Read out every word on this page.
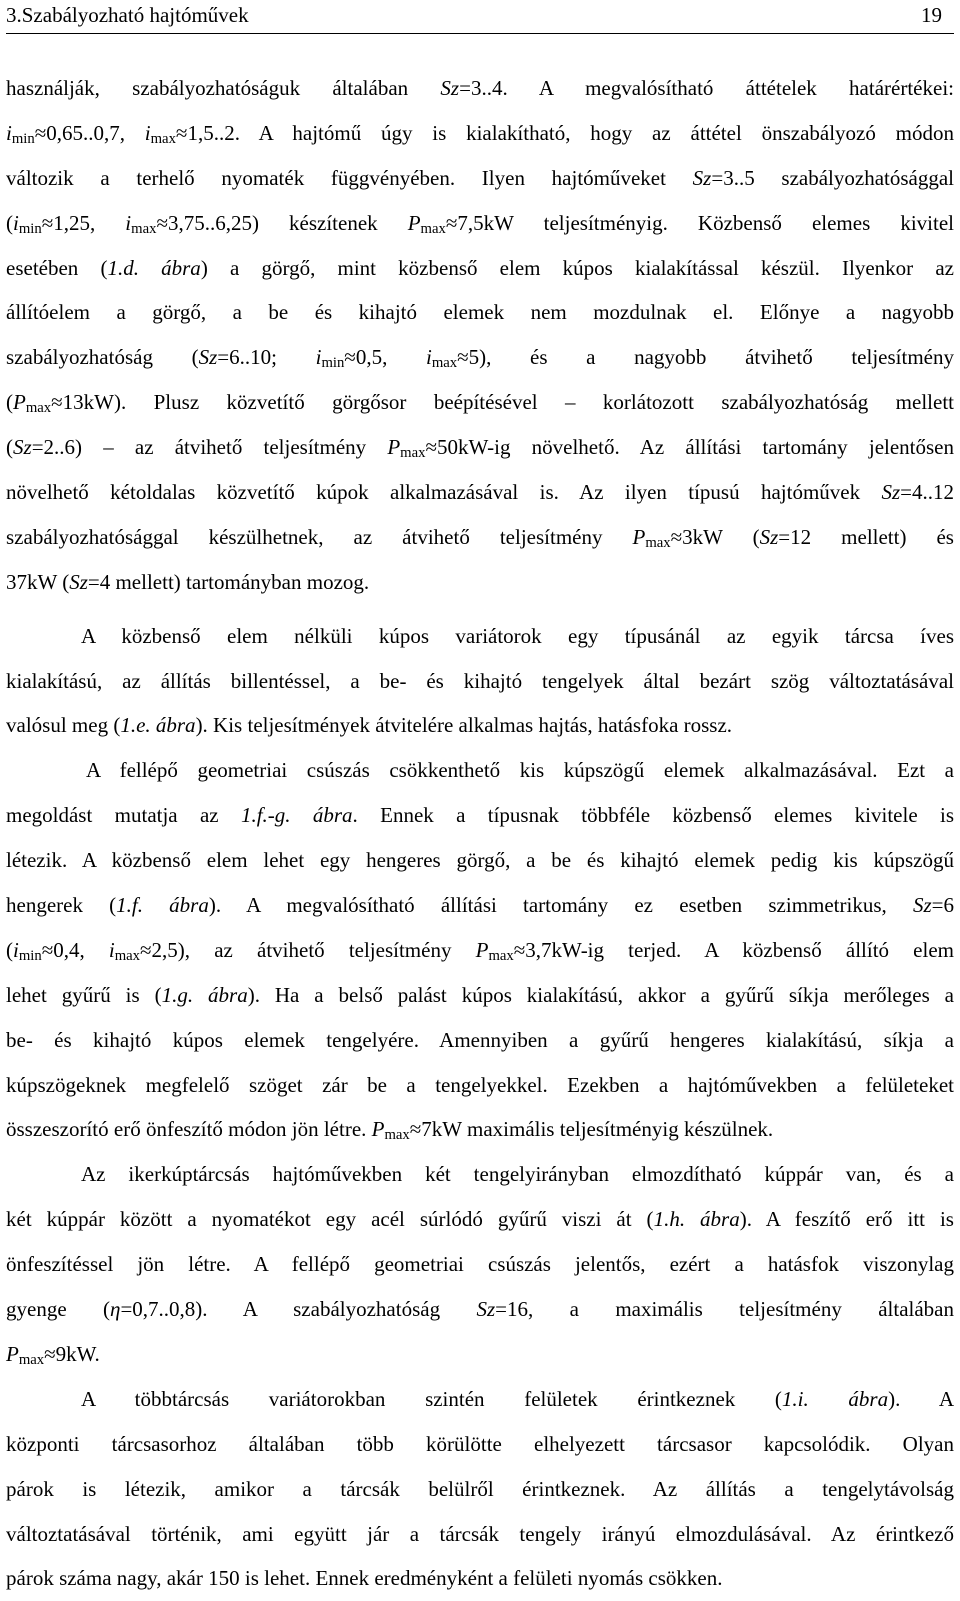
3.Szabályozható hajtóművek	19
használják, szabályozhatóságuk általában Sz=3..4. A megvalósítható áttételek határértékei:
$i_{min}\approx 0,65..0,7$, $i_{max}\approx 1,5..2$. A hajtómű úgy is kialakítható, hogy az áttétel önszabályozó módon
változik a terhelő nyomaték függvényében. Ilyen hajtóműveket Sz=3..5 szabályozhatósággal
($i_{min}\approx 1,25$, $i_{max}\approx 3,75..6,25$) készítenek $P_{max}\approx 7,5kW$ teljesítményig. Közbenső elemes kivitel
esetében (1.d. ábra) a görgő, mint közbenső elem kúpos kialakítással készül. Ilyenkor az
állítóelem a görgő, a be és kihajtó elemek nem mozdulnak el. Előnye a nagyobb
szabályozhatóság (Sz=6..10; $i_{min}\approx 0,5$, $i_{max}\approx 5$), és a nagyobb átvihető teljesítmény
$(P_{max}\approx 13kW)$. Plusz közvetítő görgősor beépítésével – korlátozott szabályozhatóság mellett
(Sz=2..6) – az átvihető teljesítmény $P_{max}\approx 50kW-ig$ növelhető. Az állítási tartomány jelentősen
növelhető kétoldalas közvetítő kúpok alkalmazásával is. Az ilyen típusú hajtóművek Sz=4..12
szabályozhatósággal készülhetnek, az átvihető teljesítmény $P_{max}\approx 3kW$ (Sz=12 mellett) és
37kW (Sz=4 mellett) tartományban mozog.
A közbenső elem nélküli kúpos variátorok egy típusánál az egyik tárcsa íves
kialakítású, az állítás billentéssel, a be- és kihajtó tengelyek által bezárt szög változtatásával
valósul meg (1.e. ábra). Kis teljesítmények átvitelére alkalmas hajtás, hatásfoka rossz.
A fellépő geometriai csúszás csökkenthető kis kúpszögű elemek alkalmazásával. Ezt a
megoldást mutatja az 1.f.-g. ábra. Ennek a típusnak többféle közbenső elemes kivitele is
létezik. A közbenső elem lehet egy hengeres görgő, a be és kihajtó elemek pedig kis kúpszögű
hengerek (1.f. ábra). A megvalósítható állítási tartomány ez esetben szimmetrikus, Sz=6
($i_{min}\approx 0,4$, $i_{max}\approx 2,5$), az átvihető teljesítmény $P_{max}\approx 3,7kW-ig$ terjed. A közbenső állító elem
lehet gyűrű is (1.g. ábra). Ha a belső palást kúpos kialakítású, akkor a gyűrű síkja merőleges a
be- és kihajtó kúpos elemek tengelyére. Amennyiben a gyűrű hengeres kialakítású, síkja a
kúpszögeknek megfelelő szöget zár be a tengelyekkel. Ezekben a hajtóművekben a felületeket
összeszorító erő önfeszítő módon jön létre. $P_{max}\approx 7kW$ maximális teljesítményig készülnek.
Az ikerkúptárcsás hajtóművekben két tengelyirányban elmozdítható kúppár van, és a
két kúppár között a nyomatékot egy acél súrlódó gyűrű viszi át (1.h. ábra). A feszítő erő itt is
önfeszítéssel jön létre. A fellépő geometriai csúszás jelentős, ezért a hatásfok viszonylag
gyenge (η=0,7..0,8). A szabályozhatóság Sz=16, a maximális teljesítmény általában
$P_{max}\approx 9kW$.
A többtárcsás variátorokban szintén felületek érintkeznek (1.i. ábra). A
központi tárcsasorhoz általában több körülötte elhelyezett tárcsasor kapcsolódik. Olyan
párok is létezik, amikor a tárcsák belülről érintkeznek. Az állítás a tengelytávolság
változtatásával történik, ami együtt jár a tárcsák tengely irányú elmozdulásával. Az érintkező
párok száma nagy, akár 150 is lehet. Ennek eredményként a felületi nyomás csökken.
